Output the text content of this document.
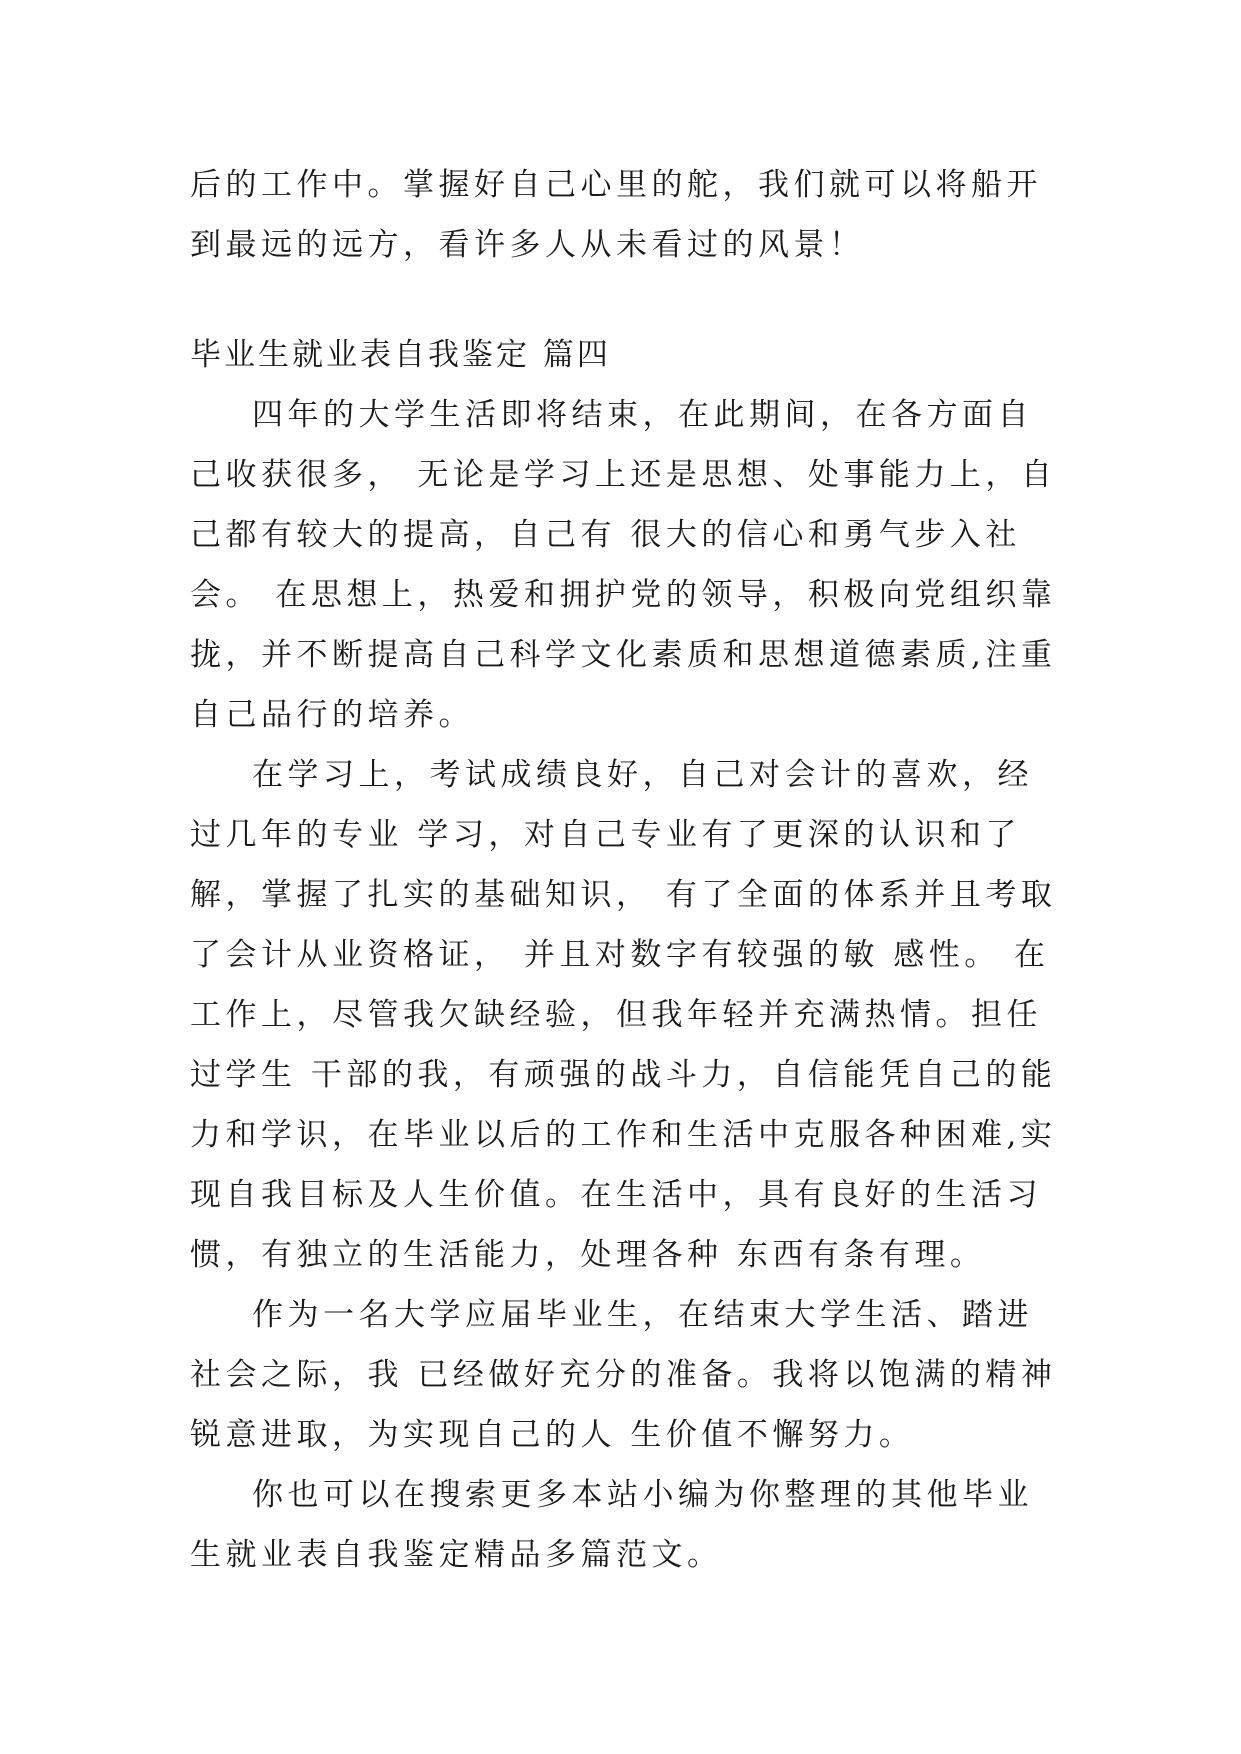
后的工作中。掌握好自己心里的舵，我们就可以将船开到最远的远方，看许多人从未看过的风景！

毕业生就业表自我鉴定 篇四

四年的大学生活即将结束，在此期间，在各方面自己收获很多， 无论是学习上还是思想、处事能力上，自己都有较大的提高，自己有 很大的信心和勇气步入社会。 在思想上，热爱和拥护党的领导，积极向党组织靠拢，并不断提高自己科学文化素质和思想道德素质,注重自己品行的培养。

在学习上，考试成绩良好，自己对会计的喜欢，经过几年的专业 学习，对自己专业有了更深的认识和了解，掌握了扎实的基础知识， 有了全面的体系并且考取了会计从业资格证， 并且对数字有较强的敏 感性。 在工作上，尽管我欠缺经验，但我年轻并充满热情。担任过学生 干部的我，有顽强的战斗力，自信能凭自己的能力和学识，在毕业以后的工作和生活中克服各种困难,实现自我目标及人生价值。在生活中，具有良好的生活习惯，有独立的生活能力，处理各种 东西有条有理。

作为一名大学应届毕业生，在结束大学生活、踏进社会之际，我 已经做好充分的准备。我将以饱满的精神锐意进取，为实现自己的人 生价值不懈努力。

你也可以在搜索更多本站小编为你整理的其他毕业生就业表自我鉴定精品多篇范文。
